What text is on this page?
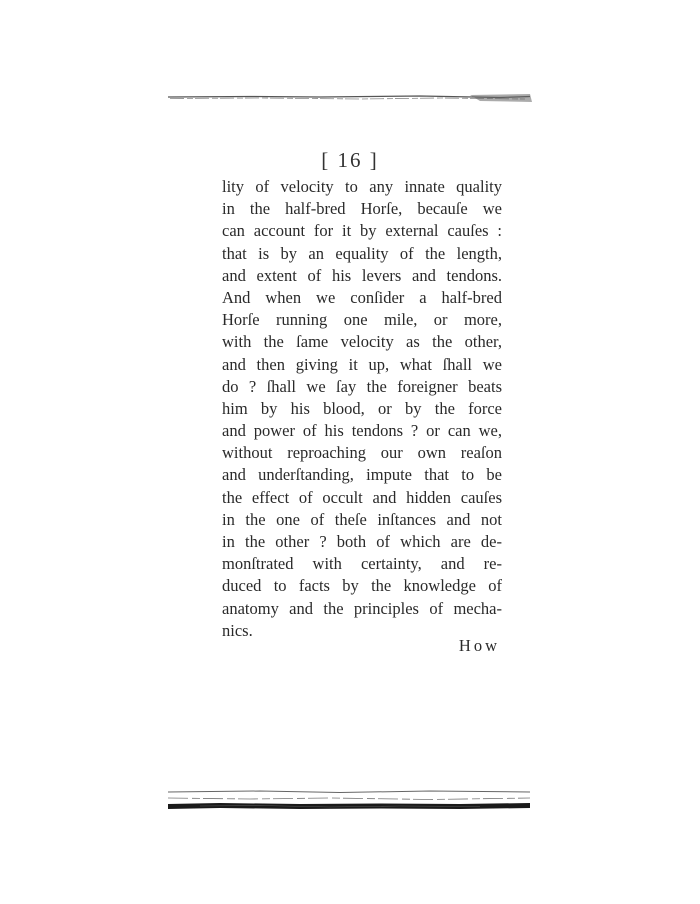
[ 16 ]
lity of velocity to any innate quality
in the half-bred Horſe, becauſe we
can account for it by external cauſes :
that is by an equality of the length,
and extent of his levers and tendons.
And when we conſider a half-bred
Horſe running one mile, or more,
with the ſame velocity as the other,
and then giving it up, what ſhall we
do ? ſhall we ſay the foreigner beats
him by his blood, or by the force
and power of his tendons ? or can we,
without reproaching our own reaſon
and underſtanding, impute that to be
the effect of occult and hidden cauſes
in the one of theſe inſtances and not
in the other ? both of which are de-
monſtrated with certainty, and re-
duced to facts by the knowledge of
anatomy and the principles of mecha-
nics.
How
